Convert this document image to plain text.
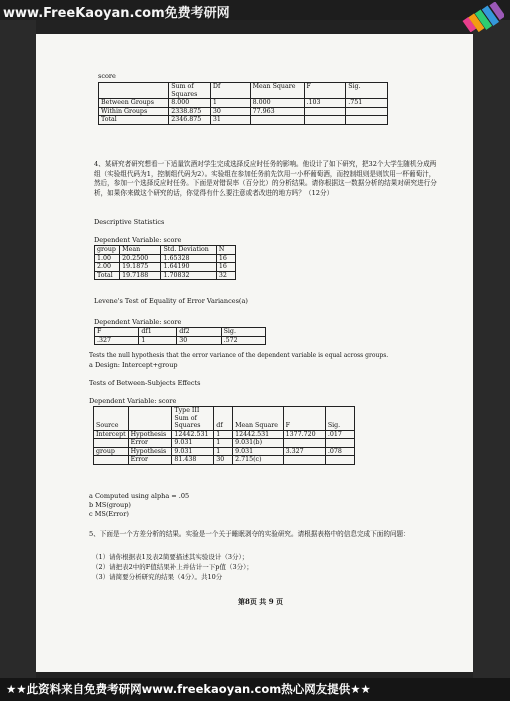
www.FreeKaoyan.com免费考研网
score
	Sum of Squares	Df	Mean Square	F	Sig.
Between Groups	8.000	1	8.000	.103	.751
Within Groups	2338.875	30	77.963		
Total	2346.875	31			
4、某研究者研究想看一下适量饮酒对学生完成选择反应时任务的影响。他设计了如下研究，把32个大学生随机分成两组（实验组代码为1，控制组代码为2）。实验组在参加任务前先饮用一小杯葡萄酒，而控制组则是则饮用一杯葡萄汁，然后，参加一个选择反应时任务。下面是对错误率（百分比）的分析结果。请你根据这一数据分析的结果对研究进行分析，如果你来做这个研究的话，你觉得有什么要注意或者改进的地方吗？（12分）
Descriptive Statistics
Dependent Variable: score
group	Mean	Std. Deviation	N
1.00	20.2500	1.65328	16
2.00	19.1875	1.64190	16
Total	19.7188	1.70832	32
Levene's Test of Equality of Error Variances(a)
Dependent Variable: score
F	df1	df2	Sig.
.327	1	30	.572
Tests the null hypothesis that the error variance of the dependent variable is equal across groups.
a Design: Intercept+group
Tests of Between-Subjects Effects
Dependent Variable: score
Source		Type III Sum of Squares	df	Mean Square	F	Sig.
Intercept	Hypothesis	12442.531	1	12442.531	1377.720	.017
	Error	9.031	1	9.031(b)		
group	Hypothesis	9.031	1	9.031	3.327	.078
	Error	81.438	30	2.715(c)		
a Computed using alpha = .05
b MS(group)
c MS(Error)
5、下面是一个方差分析的结果。实验是一个关于睡眠剥夺的实验研究。请根据表格中的信息完成下面的问题：
（1）请你根据表1及表2简要描述其实验设计（3分）；
（2）请把表2中的F值结果补上并估计一下p值（3分）；
（3）请简要分析研究的结果（4分）。共10分
第8页 共 9 页
★★此资料来自免费考研网www.freekaoyan.com热心网友提供★★
